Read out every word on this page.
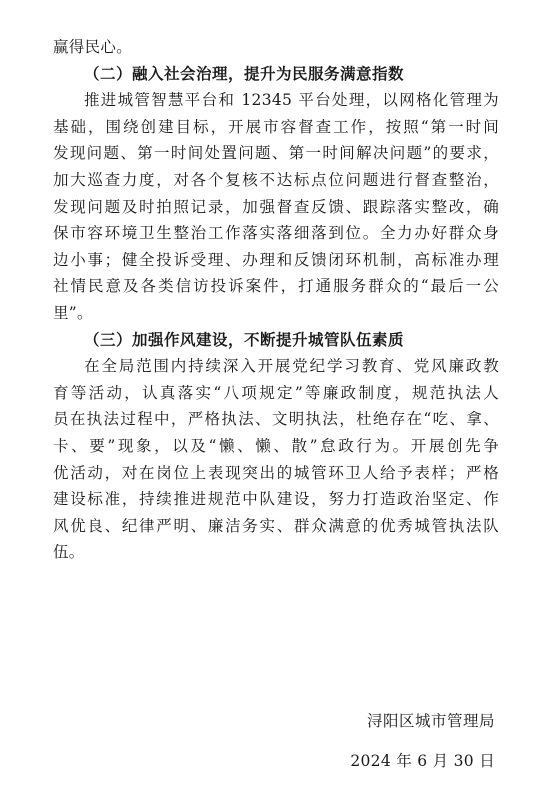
赢得民心。
（二）融入社会治理，提升为民服务满意指数
推进城管智慧平台和 12345 平台处理，以网格化管理为
基础，围绕创建目标，开展市容督查工作，按照“第一时间
发现问题、第一时间处置问题、第一时间解决问题”的要求，
加大巡查力度，对各个复核不达标点位问题进行督查整治，
发现问题及时拍照记录，加强督查反馈、跟踪落实整改，确
保市容环境卫生整治工作落实落细落到位。全力办好群众身
边小事；健全投诉受理、办理和反馈闭环机制，高标准办理
社情民意及各类信访投诉案件，打通服务群众的“最后一公
里”。
（三）加强作风建设，不断提升城管队伍素质
在全局范围内持续深入开展党纪学习教育、党风廉政教
育等活动，认真落实“八项规定”等廉政制度，规范执法人
员在执法过程中，严格执法、文明执法，杜绝存在“吃、拿、
卡、要”现象，以及“懒、懒、散”怠政行为。开展创先争
优活动，对在岗位上表现突出的城管环卫人给予表样；严格
建设标准，持续推进规范中队建设，努力打造政治坚定、作
风优良、纪律严明、廉洁务实、群众满意的优秀城管执法队
伍。
浔阳区城市管理局
2024 年 6 月 30 日
